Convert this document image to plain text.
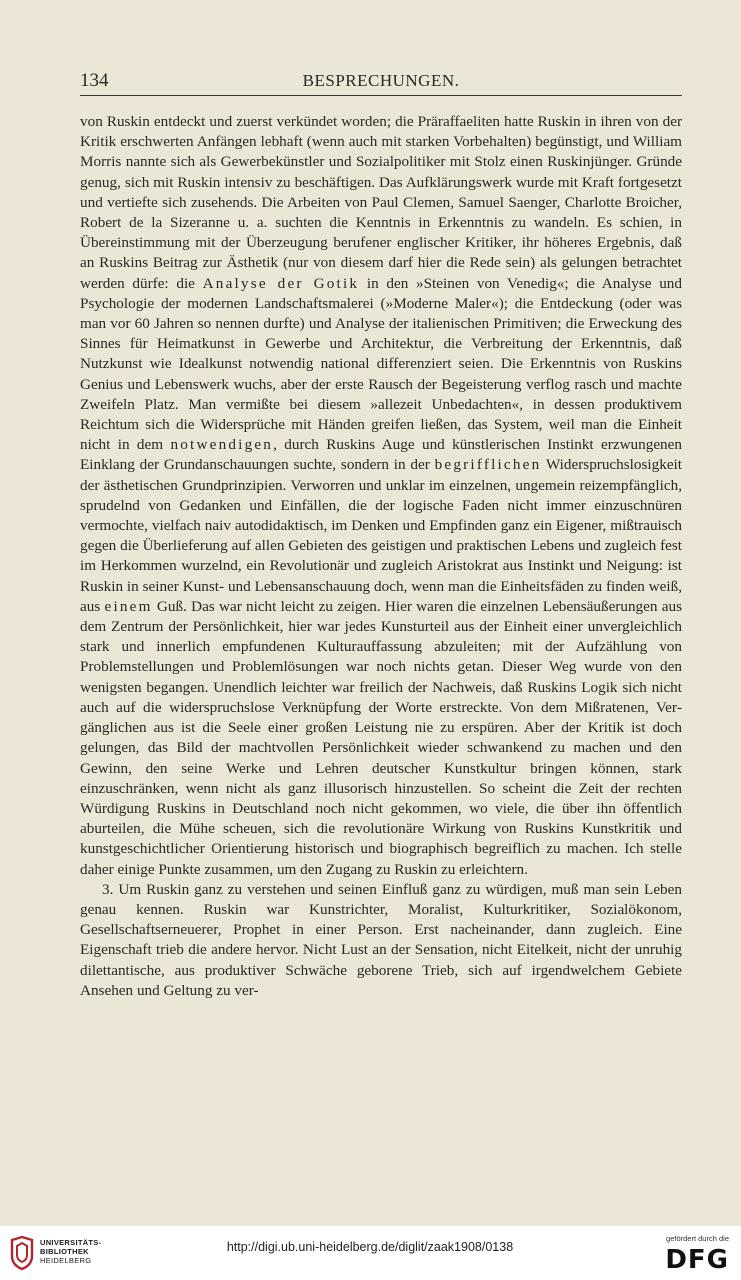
134	BESPRECHUNGEN.

von Ruskin entdeckt und zuerst verkündet worden; die Präraffaeliten hatte Ruskin in ihren von der Kritik erschwerten Anfängen lebhaft (wenn auch mit starken Vorbehalten) begünstigt, und William Morris nannte sich als Gewerbekünstler und Sozialpolitiker mit Stolz einen Ruskinjünger. Gründe genug, sich mit Ruskin intensiv zu beschäftigen. Das Aufklärungswerk wurde mit Kraft fortgesetzt und vertiefte sich zusehends. Die Arbeiten von Paul Clemen, Samuel Saenger, Charlotte Broicher, Robert de la Sizeranne u. a. suchten die Kenntnis in Erkenntnis zu wandeln. Es schien, in Übereinstimmung mit der Überzeugung berufener englischer Kritiker, ihr höheres Ergebnis, daß an Ruskins Beitrag zur Ästhetik (nur von diesem darf hier die Rede sein) als gelungen betrachtet werden dürfe: die Analyse der Gotik in den »Steinen von Venedig«; die Analyse und Psychologie der modernen Landschaftsmalerei (»Moderne Maler«); die Entdeckung (oder was man vor 60 Jahren so nennen durfte) und Analyse der italienischen Primitiven; die Erweckung des Sinnes für Heimatkunst in Gewerbe und Architektur, die Verbreitung der Erkenntnis, daß Nutzkunst wie Idealkunst notwendig national differenziert seien. Die Erkenntnis von Ruskins Genius und Lebenswerk wuchs, aber der erste Rausch der Begeisterung verflog rasch und machte Zweifeln Platz. Man vermißte bei diesem »allezeit Unbedachten«, in dessen produktivem Reichtum sich die Widersprüche mit Händen greifen ließen, das System, weil man die Einheit nicht in dem notwendigen, durch Ruskins Auge und künstlerischen Instinkt erzwungenen Einklang der Grundanschauungen suchte, sondern in der begrifflichen Widerspruchslosigkeit der ästhetischen Grundprinzipien. Verworren und unklar im einzelnen, ungemein reizempfänglich, sprudelnd von Gedanken und Einfällen, die der logische Faden nicht immer einzuschnüren vermochte, vielfach naiv autodidaktisch, im Denken und Empfinden ganz ein Eigener, mißtrauisch gegen die Überlieferung auf allen Gebieten des geistigen und praktischen Lebens und zugleich fest im Herkommen wurzelnd, ein Revolutionär und zugleich Aristokrat aus Instinkt und Neigung: ist Ruskin in seiner Kunst- und Lebensanschauung doch, wenn man die Einheitsfäden zu finden weiß, aus einem Guß. Das war nicht leicht zu zeigen. Hier waren die einzelnen Lebensäußerungen aus dem Zentrum der Persönlichkeit, hier war jedes Kunsturteil aus der Einheit einer unvergleichlich stark und innerlich empfundenen Kulturauffassung abzuleiten; mit der Aufzählung von Problemstellungen und Problemlösungen war noch nichts getan. Dieser Weg wurde von den wenigsten begangen. Unendlich leichter war freilich der Nachweis, daß Ruskins Logik sich nicht auch auf die widerspruchslose Verknüpfung der Worte erstreckte. Von dem Mißratenen, Vergänglichen aus ist die Seele einer großen Leistung nie zu erspüren. Aber der Kritik ist doch gelungen, das Bild der machtvollen Persönlichkeit wieder schwankend zu machen und den Gewinn, den seine Werke und Lehren deutscher Kunstkultur bringen können, stark einzuschränken, wenn nicht als ganz illusorisch hinzustellen. So scheint die Zeit der rechten Würdigung Ruskins in Deutschland noch nicht gekommen, wo viele, die über ihn öffentlich aburteilen, die Mühe scheuen, sich die revolutionäre Wirkung von Ruskins Kunstkritik und kunstgeschichtlicher Orientierung historisch und biographisch begreiflich zu machen. Ich stelle daher einige Punkte zusammen, um den Zugang zu Ruskin zu erleichtern.

3. Um Ruskin ganz zu verstehen und seinen Einfluß ganz zu würdigen, muß man sein Leben genau kennen. Ruskin war Kunstrichter, Moralist, Kulturkritiker, Sozialökonom, Gesellschaftserneuerer, Prophet in einer Person. Erst nacheinander, dann zugleich. Eine Eigenschaft trieb die andere hervor. Nicht Lust an der Sensation, nicht Eitelkeit, nicht der unruhig dilettantische, aus produktiver Schwäche geborene Trieb, sich auf irgendwelchem Gebiete Ansehen und Geltung zu ver-

UNIVERSITÄTS-
BIBLIOTHEK
HEIDELBERG
http://digi.ub.uni-heidelberg.de/diglit/zaak1908/0138
gefördert durch die
DFG
